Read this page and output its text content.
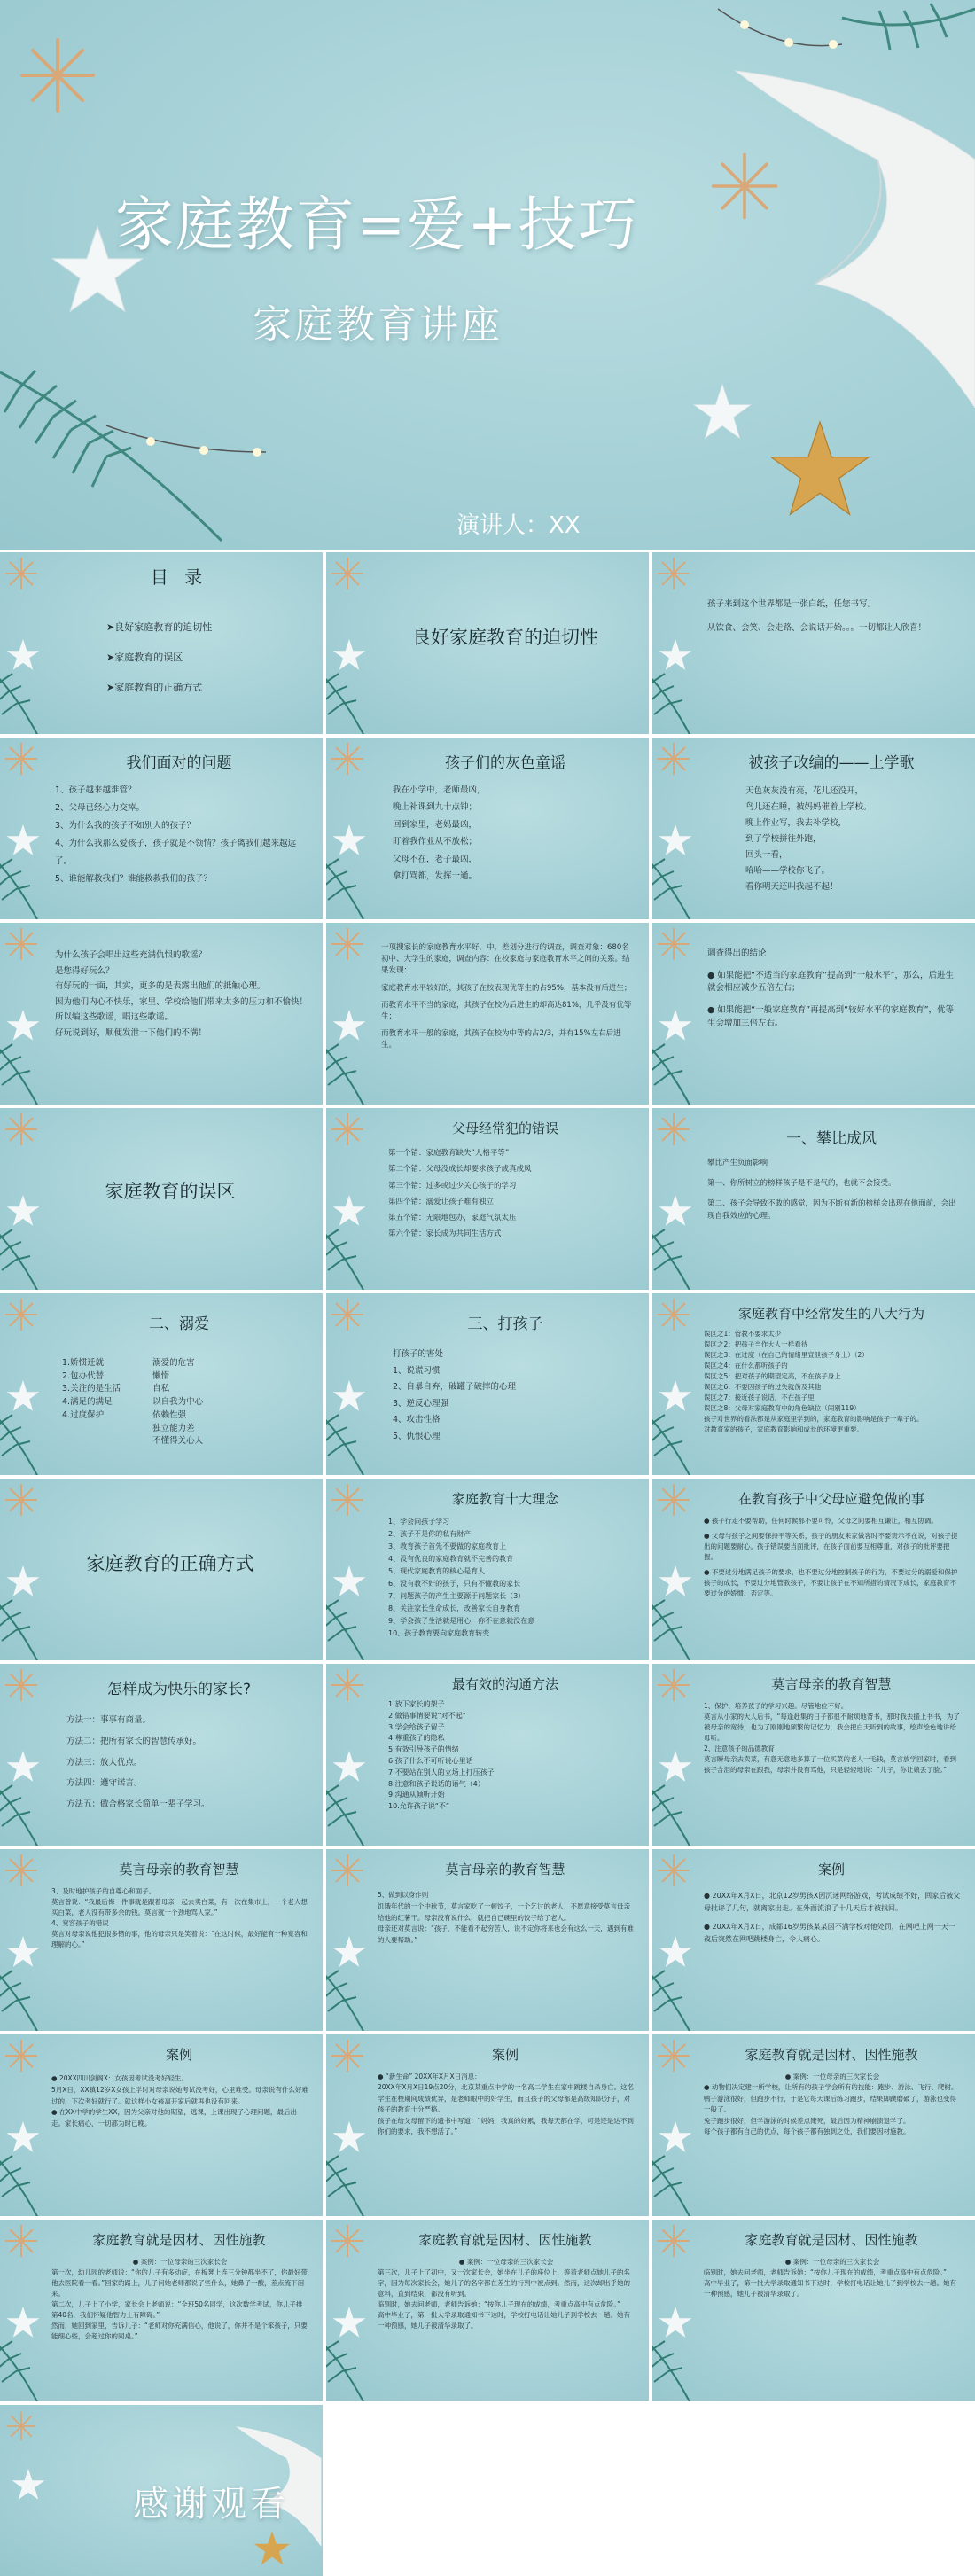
家庭教育=爱+技巧
家庭教育讲座
演讲人：XX
目 录
➤良好家庭教育的迫切性
➤家庭教育的误区
➤家庭教育的正确方式
良好家庭教育的迫切性

孩子来到这个世界都是一张白纸，任您书写。

从饮食、会笑、会走路、会说话开始。。。一切都让人欣喜！

我们面对的问题

1、孩子越来越难管？

2、父母已经心力交瘁。

3、为什么我的孩子不如别人的孩子？

4、为什么我那么爱孩子，孩子就是不领情？孩子离我们越来越远了。

5、谁能解救我们？谁能救救我们的孩子？

孩子们的灰色童谣

我在小学中，老师最凶，

晚上补课到九十点钟；

回到家里，老妈最凶，

盯着我作业从不放松；

父母不在，老子最凶，

拿打骂都，发挥一通。

被孩子改编的——上学歌

天色灰灰没有亮，花儿还没开，

鸟儿还在睡，被妈妈催着上学校。

晚上作业写，我去补学校，

到了学校拼往外跑，

回头一看，

哈哈——学校你飞了。

看你明天还叫我起不起！

为什么孩子会唱出这些充满仇恨的歌谣？

是您得好玩么？

有好玩的一面，其实，更多的是表露出他们的抵触心理。

因为他们内心不快乐，家里、学校给他们带来太多的压力和不愉快！所以编这些歌谣，唱这些歌谣。

好玩说到好，顺便发泄一下他们的不满！

一项搜家长的家庭教育水平好，中，差划分进行的调查，调查对象：680名初中、大学生的家庭，调查内容：在校家庭与家庭教育水平之间的关系。结果发现：

家庭教育水平较好的，其孩子在校表现优等生的占95%，基本没有后进生；

而教育水平不当的家庭，其孩子在校为后进生的却高达81%，几乎没有优等生；

而教育水平一般的家庭，其孩子在校为中等的占2/3，并有15%左右后进生。

调查得出的结论

● 如果能把“不适当的家庭教育”提高到“一般水平”，那么，后进生就会相应减少五倍左右；

● 如果能把“一般家庭教育”再提高到“较好水平的家庭教育”，优等生会增加三倍左右。

家庭教育的误区
父母经常犯的错误

第一个错：家庭教育缺失“人格平等”

第二个错：父母没成长却要求孩子成真成凤

第三个错：过多或过少关心孩子的学习

第四个错：溺爱让孩子难有独立

第五个错：无限地包办，家庭气氛太压

第六个错：家长成为共同生活方式

一、攀比成风

攀比产生负面影响

第一、你所树立的榜样孩子是不是气的，也就不会接受。

第二、孩子会导致不敢的感觉，因为不断有新的榜样会出现在他面前，会出现自我效应的心理。

二、溺爱

1.娇惯迁就

2.包办代替

3.关注的是生活

4.满足的满足

4.过度保护

溺爱的危害

懒惰

自私

以自我为中心

依赖性强

独立能力差

不懂得关心人

三、打孩子

打孩子的害处

1、说谎习惯

2、自暴自弃，破罐子破摔的心理

3、逆反心理强

4、攻击性格

5、仇恨心理

家庭教育中经常发生的八大行为

误区之1：管教不要求太少

误区之2：把孩子当作大人一样看待

误区之3：在过度（在自己的情绪里宣泄孩子身上）（2）

误区之4：在什么都听孩子的

误区之5：把对孩子的期望定高，不在孩子身上

误区之6：不要因孩子的过失就伤及其他

误区之7：接近孩子说话，不在孩子里

误区之8：父母对家庭教育中的角色缺位（闹别119）

孩子对世界的看法都是从家庭里学到的，家庭教育的影响是孩子一辈子的。

对教育家的孩子，家庭教育影响和成长的环境更重要。

家庭教育的正确方式
家庭教育十大理念

1、学会向孩子学习

2、孩子不是你的私有财产

3、教育孩子首先不要做的家庭教育上

4、没有优良的家庭教育就不完善的教育

5、现代家庭教育的核心是育人

6、没有教不好的孩子，只有不懂教的家长

7、问题孩子的产生主要源于问题家长（3）

8、关注家长生命成长，改善家长自身教育

9、学会孩子生活就是用心，你不在意就没在意

10、孩子教育要向家庭教育转变

在教育孩子中父母应避免做的事

● 孩子行走不要帮助，任何时候都不要可怜，父母之间要相互谦让，相互协调。

● 父母与孩子之间要保持平等关系，孩子的朋友来家做客时不要责示不在说，对孩子提出的问题要耐心。孩子错误要当面批评，在孩子面前要互相尊重，对孩子的批评要把握。

● 不要过分地满足孩子的要求，也不要过分地控制孩子的行为，不要过分的溺爱和保护孩子的成长，不要过分地管教孩子，不要让孩子在不知所措的情况下成长，家庭教育不要过分的娇惯、否定等。

怎样成为快乐的家长?

方法一：事事有商量。

方法二：把所有家长的智慧传承好。

方法三：放大优点。

方法四：遵守诺言。

方法五：做合格家长简单一辈子学习。

最有效的沟通方法

1.放下家长的架子

2.做错事情要说“对不起”

3.学会给孩子留子

4.尊重孩子的隐私

5.有效引导孩子的情绪

6.孩子什么不可听说心里话

7.不要站在别人的立场上打压孩子

8.注意和孩子说话的语气（4）

9.沟通从倾听开始

10.允许孩子说“不”

莫言母亲的教育智慧

1、保护、培养孩子的学习兴趣。尽管地位不好。

莫言从小家的大人后书，“每逢赶集的日子都很不耐烦地背书，那时我去搬上书书，为了被母亲的宽待，也为了刚刚地频繁的记忆力，我会把白天听到的故事，绘声绘色地讲给母听。

2、注意孩子的品德教育

莫言瞬母亲去卖菜，有意无意地多算了一位买菜的老人一毛钱，莫言放学回家时，看到孩子含泪的母亲在跟我，母亲并没有骂他，只是轻轻地说：“儿子，你让娘丢了脸。”

莫言母亲的教育智慧

3、及时地护孩子的自尊心和面子。

莫言曾说：“我最后悔一件事就是跟着母亲一起去卖白菜，有一次在集市上，一个老人想买白菜，老人没有带多余的钱。莫言就一个劲地骂人家。”

4、宽容孩子的错误

莫言对母亲说他犯很多错的事，他的母亲只是笑着说：“在这时候，最好能有一种宽容和理解的心。”

莫言母亲的教育智慧

5、做到以身作则

饥饿年代的一个中秋节，莫言家吃了一顿饺子，一个乞讨的老人，不愿意接受莫言母亲给他的红薯干。母亲没有说什么，就把自己碗里的饺子给了老人。

母亲还对莫言说：“孩子，不能看不起穷苦人，说不定你将来也会有这么一天，遇到有难的人要帮助。”

案例

● 20XX年X月X日，北京12岁男孩X因沉迷网络游戏，考试成绩不好，回家后被父母批评了几句，就离家出走。在外面流浪了十几天后才被找回。

● 20XX年X月X日，成都16岁男孩某某因不满学校对他处罚，在网吧上网一天一夜后突然在网吧跳楼身亡，令人痛心。

案例

● 20XX四川剑阁X：女孩因考试没考好轻生。

5月X日，XX镇12岁X女孩上学时对母亲说她考试没考好，心里难受。母亲说有什么好难过的，下次考好就行了。就这样小女孩离开家后就再也没有回来。

● 在XX中学的学生XX，因为父亲对他的期望，逃课，上课出现了心理问题，最后出走。家长痛心，一切都为时已晚。

案例

● “新生命” 20XX年X月X日消息：

20XX年X月X日19点20分，北京某重点中学的一名高二学生在家中跳楼自杀身亡。这名学生在校期间成绩优异，是老师眼中的好学生，而且孩子的父母都是高级知识分子，对孩子的教育十分严格。

孩子在给父母留下的遗书中写道：“妈妈，我真的好累，我每天都在学，可是还是达不到你们的要求，我不想活了。”

家庭教育就是因材、因性施教

● 案例：一位母亲的三次家长会

● 动物们决定建一所学校，让所有的孩子学会所有的技能：跑步、游泳、飞行、爬树。

鸭子游泳很好，但跑步不行，于是它每天课后练习跑步，结果脚蹼磨破了，游泳也变得一般了。

兔子跑步很好，但学游泳的时候差点淹死，最后因为精神崩溃退学了。

每个孩子都有自己的优点，每个孩子都有独到之处，我们要因材施教。

家庭教育就是因材、因性施教

● 案例：一位母亲的三次家长会

第一次，幼儿园的老师说：“你的儿子有多动症，在板凳上连三分钟都坐不了，你最好带他去医院看一看。”回家的路上，儿子问她老师都说了些什么，她鼻子一酸，差点流下泪来。

第二次，儿子上了小学，家长会上老师说：“全班50名同学，这次数学考试，你儿子排第40名，我们怀疑他智力上有障碍。”

然而，她回到家里，告诉儿子：“老师对你充满信心，他说了，你并不是个笨孩子，只要能细心些，会超过你的同桌。”

家庭教育就是因材、因性施教

● 案例：一位母亲的三次家长会

第三次，儿子上了初中，又一次家长会，她坐在儿子的座位上，等着老师点她儿子的名字，因为每次家长会，她儿子的名字都在差生的行列中被点到。然而，这次却出乎她的意料，直到结束，都没有听到。

临别时，她去问老师，老师告诉她：“按你儿子现在的成绩，考重点高中有点危险。”

高中毕业了，第一批大学录取通知书下达时，学校打电话让她儿子到学校去一趟。她有一种预感，她儿子被清华录取了。

家庭教育就是因材、因性施教

● 案例：一位母亲的三次家长会

临别时，她去问老师，老师告诉她：“按你儿子现在的成绩，考重点高中有点危险。”

高中毕业了，第一批大学录取通知书下达时，学校打电话让她儿子到学校去一趟。她有一种预感，她儿子被清华录取了。

感谢观看
